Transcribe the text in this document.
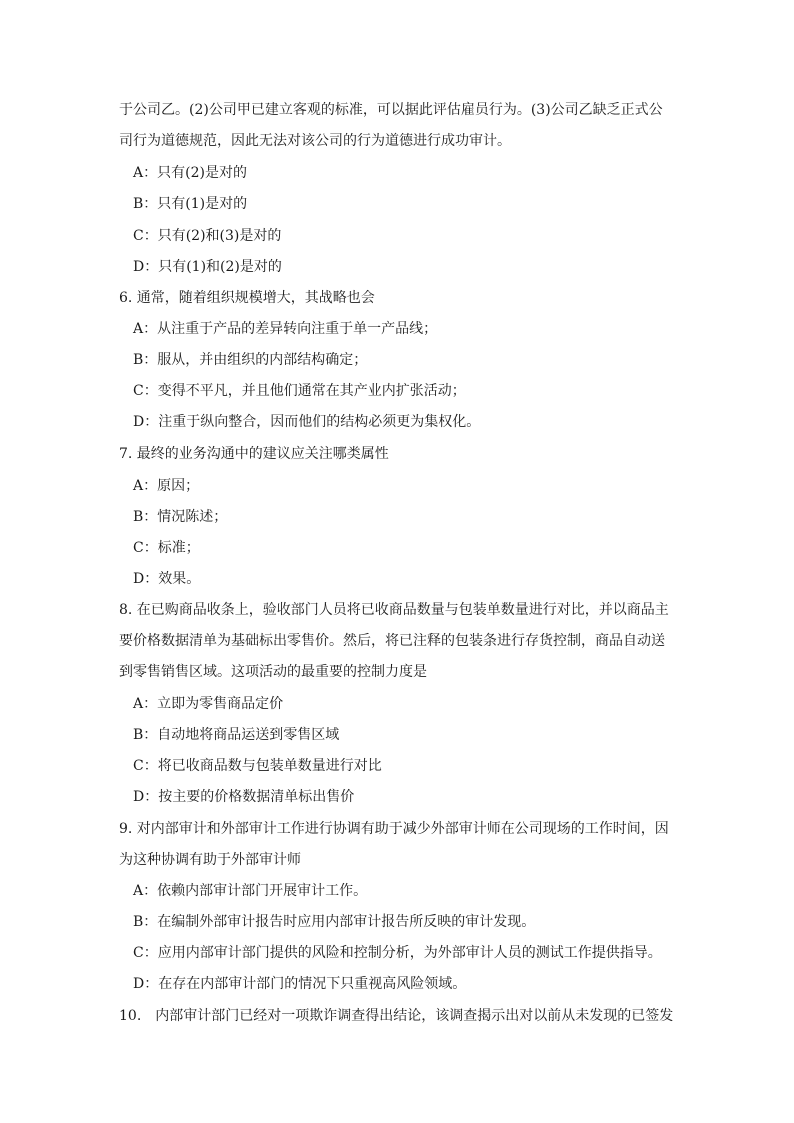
于公司乙。(2)公司甲已建立客观的标准，可以据此评估雇员行为。(3)公司乙缺乏正式公
司行为道德规范，因此无法对该公司的行为道德进行成功审计。
A：只有(2)是对的
B：只有(1)是对的
C：只有(2)和(3)是对的
D：只有(1)和(2)是对的
6. 通常，随着组织规模增大，其战略也会
A：从注重于产品的差异转向注重于单一产品线；
B：服从，并由组织的内部结构确定；
C：变得不平凡，并且他们通常在其产业内扩张活动；
D：注重于纵向整合，因而他们的结构必须更为集权化。
7. 最终的业务沟通中的建议应关注哪类属性
A：原因；
B：情况陈述；
C：标准；
D：效果。
8. 在已购商品收条上，验收部门人员将已收商品数量与包装单数量进行对比，并以商品主
要价格数据清单为基础标出零售价。然后，将已注释的包装条进行存货控制，商品自动送
到零售销售区域。这项活动的最重要的控制力度是
A：立即为零售商品定价
B：自动地将商品运送到零售区域
C：将已收商品数与包装单数量进行对比
D：按主要的价格数据清单标出售价
9. 对内部审计和外部审计工作进行协调有助于减少外部审计师在公司现场的工作时间，因
为这种协调有助于外部审计师
A：依赖内部审计部门开展审计工作。
B：在编制外部审计报告时应用内部审计报告所反映的审计发现。
C：应用内部审计部门提供的风险和控制分析，为外部审计人员的测试工作提供指导。
D：在存在内部审计部门的情况下只重视高风险领域。
10.　内部审计部门已经对一项欺诈调查得出结论，该调查揭示出对以前从未发现的已签发
